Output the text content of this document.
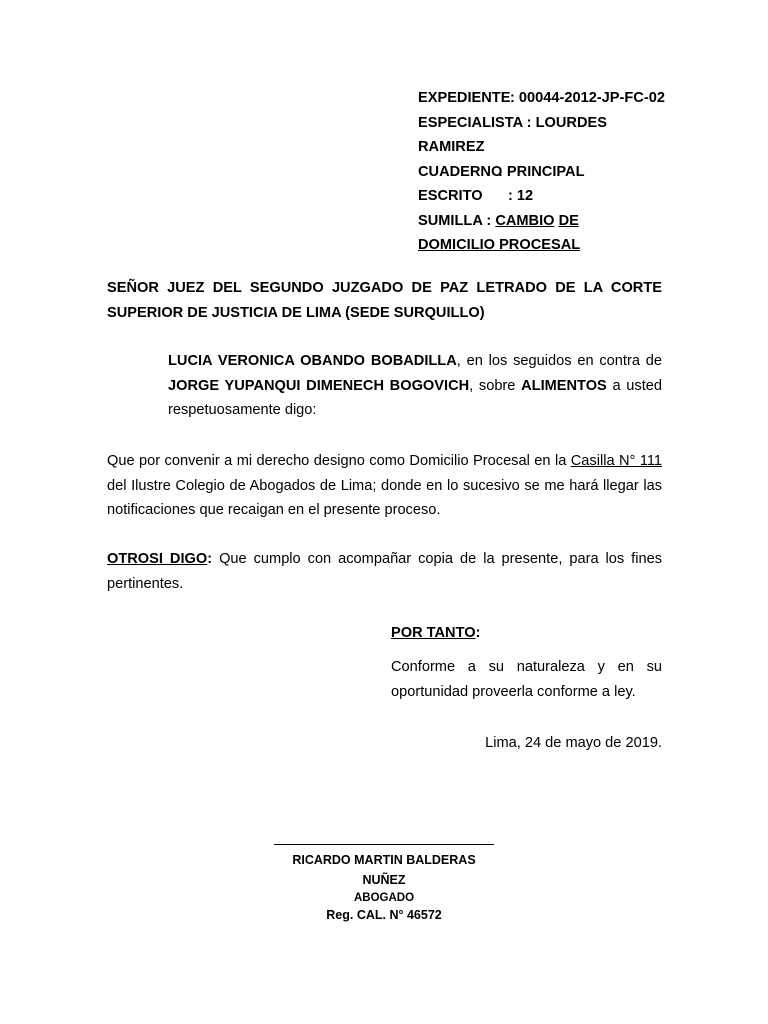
EXPEDIENTE: 00044-2012-JP-FC-02
ESPECIALISTA : LOURDES
RAMIREZ
CUADERNO: PRINCIPAL
ESCRITO : 12
SUMILLA : CAMBIO DE
DOMICILIO PROCESAL
SEÑOR JUEZ DEL SEGUNDO JUZGADO DE PAZ LETRADO DE LA CORTE SUPERIOR DE JUSTICIA DE LIMA (SEDE SURQUILLO)
LUCIA VERONICA OBANDO BOBADILLA, en los seguidos en contra de JORGE YUPANQUI DIMENECH BOGOVICH, sobre ALIMENTOS a usted respetuosamente digo:
Que por convenir a mi derecho designo como Domicilio Procesal en la Casilla N° 111 del Ilustre Colegio de Abogados de Lima; donde en lo sucesivo se me hará llegar las notificaciones que recaigan en el presente proceso.
OTROSI DIGO: Que cumplo con acompañar copia de la presente, para los fines pertinentes.
POR TANTO:
Conforme a su naturaleza y en su oportunidad proveerla conforme a ley.
Lima, 24 de mayo de 2019.
RICARDO MARTIN BALDERAS NUÑEZ
ABOGADO
Reg. CAL. N° 46572
